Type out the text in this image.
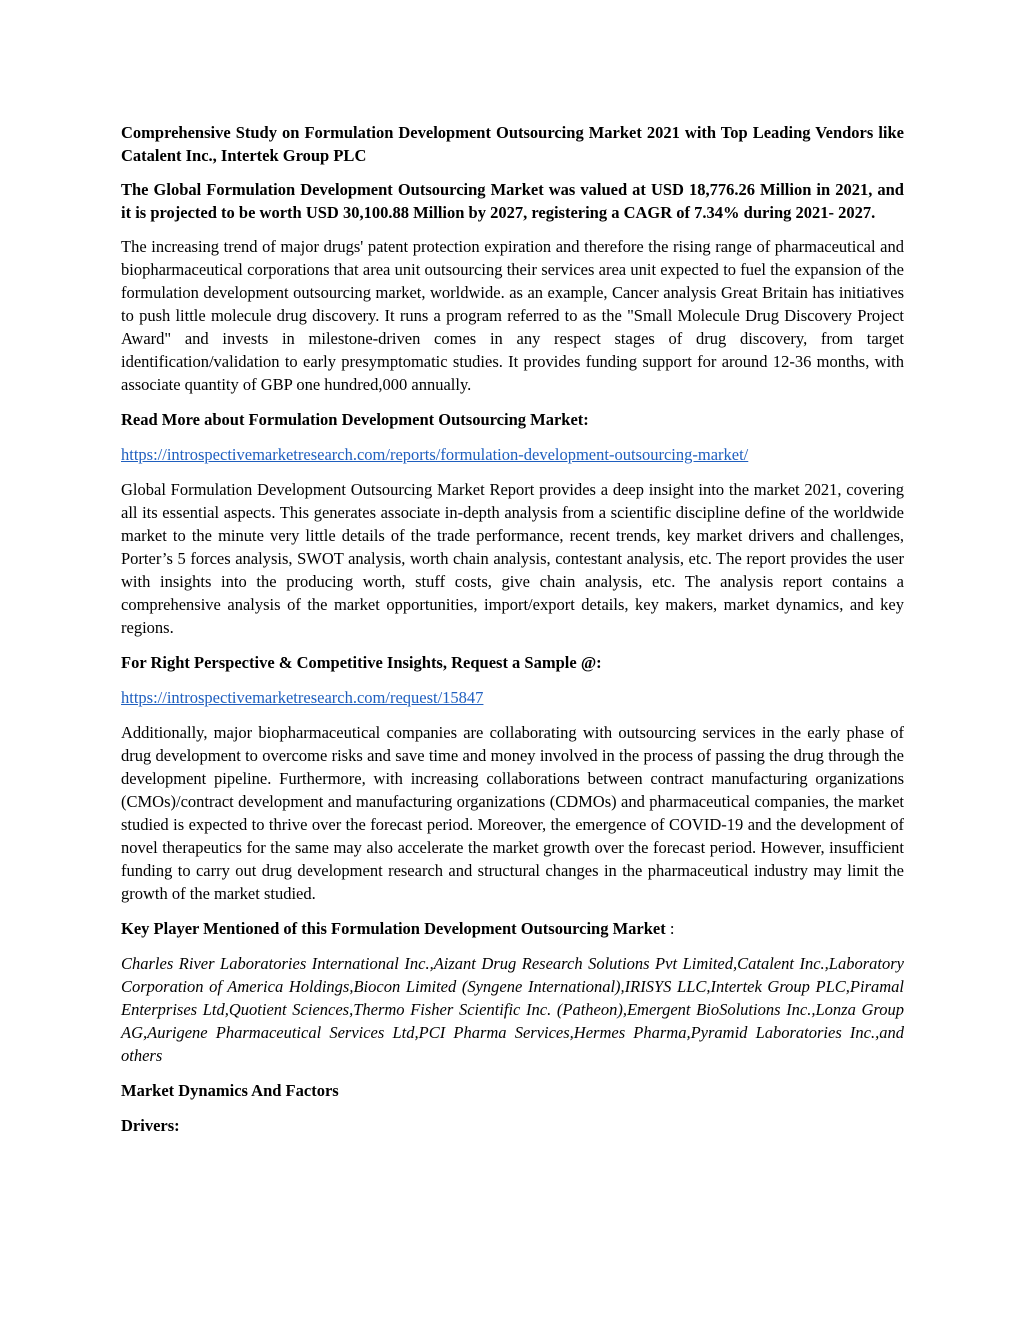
Comprehensive Study on Formulation Development Outsourcing Market 2021 with Top Leading Vendors like Catalent Inc., Intertek Group PLC

The Global Formulation Development Outsourcing Market was valued at USD 18,776.26 Million in 2021, and it is projected to be worth USD 30,100.88 Million by 2027, registering a CAGR of 7.34% during 2021- 2027.

The increasing trend of major drugs' patent protection expiration and therefore the rising range of pharmaceutical and biopharmaceutical corporations that area unit outsourcing their services area unit expected to fuel the expansion of the formulation development outsourcing market, worldwide. as an example, Cancer analysis Great Britain has initiatives to push little molecule drug discovery. It runs a program referred to as the "Small Molecule Drug Discovery Project Award" and invests in milestone-driven comes in any respect stages of drug discovery, from target identification/validation to early presymptomatic studies. It provides funding support for around 12-36 months, with associate quantity of GBP one hundred,000 annually.

Read More about Formulation Development Outsourcing Market:

https://introspectivemarketresearch.com/reports/formulation-development-outsourcing-market/

Global Formulation Development Outsourcing Market Report provides a deep insight into the market 2021, covering all its essential aspects. This generates associate in-depth analysis from a scientific discipline define of the worldwide market to the minute very little details of the trade performance, recent trends, key market drivers and challenges, Porter’s 5 forces analysis, SWOT analysis, worth chain analysis, contestant analysis, etc. The report provides the user with insights into the producing worth, stuff costs, give chain analysis, etc. The analysis report contains a comprehensive analysis of the market opportunities, import/export details, key makers, market dynamics, and key regions.

For Right Perspective & Competitive Insights, Request a Sample @:

https://introspectivemarketresearch.com/request/15847

Additionally, major biopharmaceutical companies are collaborating with outsourcing services in the early phase of drug development to overcome risks and save time and money involved in the process of passing the drug through the development pipeline. Furthermore, with increasing collaborations between contract manufacturing organizations (CMOs)/contract development and manufacturing organizations (CDMOs) and pharmaceutical companies, the market studied is expected to thrive over the forecast period. Moreover, the emergence of COVID-19 and the development of novel therapeutics for the same may also accelerate the market growth over the forecast period. However, insufficient funding to carry out drug development research and structural changes in the pharmaceutical industry may limit the growth of the market studied.

Key Player Mentioned of this Formulation Development Outsourcing Market :

Charles River Laboratories International Inc.,Aizant Drug Research Solutions Pvt Limited,Catalent Inc.,Laboratory Corporation of America Holdings,Biocon Limited (Syngene International),IRISYS LLC,Intertek Group PLC,Piramal Enterprises Ltd,Quotient Sciences,Thermo Fisher Scientific Inc. (Patheon),Emergent BioSolutions Inc.,Lonza Group AG,Aurigene Pharmaceutical Services Ltd,PCI Pharma Services,Hermes Pharma,Pyramid Laboratories Inc.,and others

Market Dynamics And Factors

Drivers:
